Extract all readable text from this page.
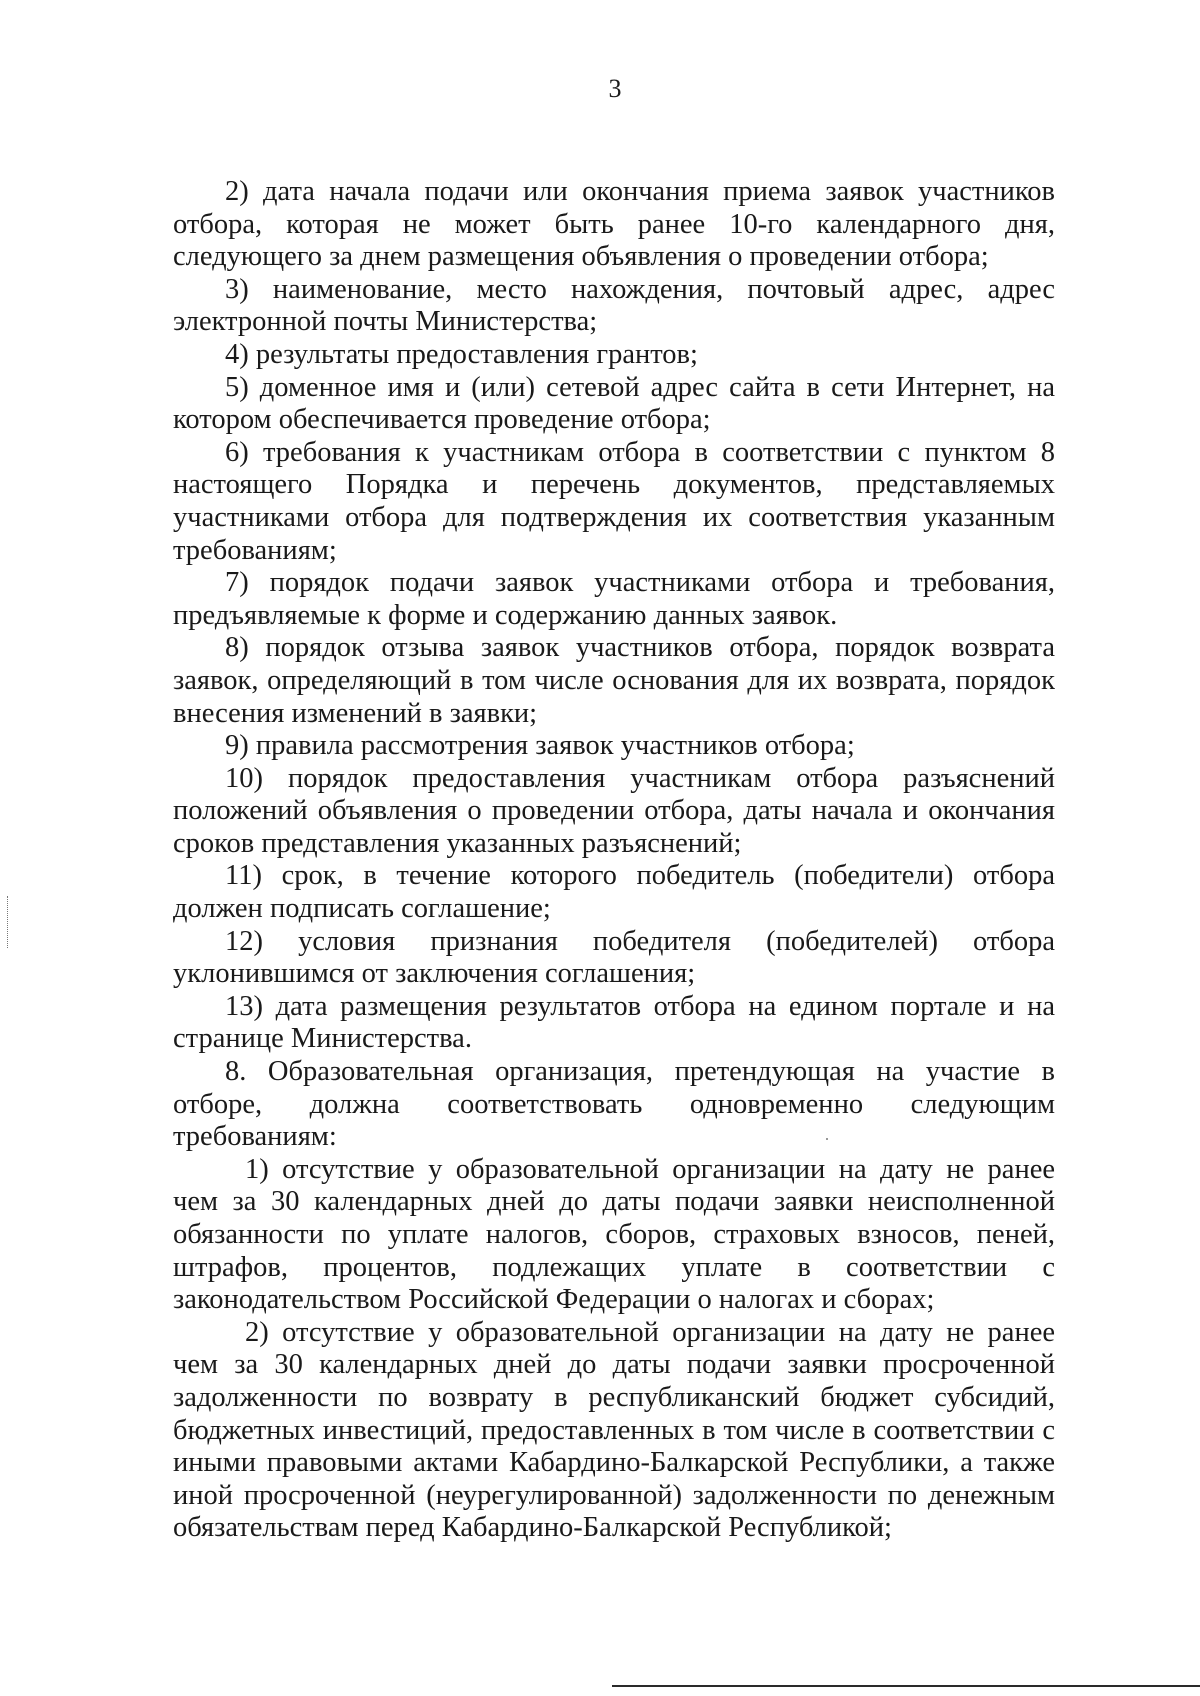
3

2) дата начала подачи или окончания приема заявок участников отбора, которая не может быть ранее 10-го календарного дня, следующего за днем размещения объявления о проведении отбора;

3) наименование, место нахождения, почтовый адрес, адрес электронной почты Министерства;

4) результаты предоставления грантов;

5) доменное имя и (или) сетевой адрес сайта в сети Интернет, на котором обеспечивается проведение отбора;

6) требования к участникам отбора в соответствии с пунктом 8 настоящего Порядка и перечень документов, представляемых участниками отбора для подтверждения их соответствия указанным требованиям;

7) порядок подачи заявок участниками отбора и требования, предъявляемые к форме и содержанию данных заявок.

8) порядок отзыва заявок участников отбора, порядок возврата заявок, определяющий в том числе основания для их возврата, порядок внесения изменений в заявки;

9) правила рассмотрения заявок участников отбора;

10) порядок предоставления участникам отбора разъяснений положений объявления о проведении отбора, даты начала и окончания сроков представления указанных разъяснений;

11) срок, в течение которого победитель (победители) отбора должен подписать соглашение;

12) условия признания победителя (победителей) отбора уклонившимся от заключения соглашения;

13) дата размещения результатов отбора на едином портале и на странице Министерства.

8. Образовательная организация, претендующая на участие в отборе, должна соответствовать одновременно следующим требованиям:

1) отсутствие у образовательной организации на дату не ранее чем за 30 календарных дней до даты подачи заявки неисполненной обязанности по уплате налогов, сборов, страховых взносов, пеней, штрафов, процентов, подлежащих уплате в соответствии с законодательством Российской Федерации о налогах и сборах;

2) отсутствие у образовательной организации на дату не ранее чем за 30 календарных дней до даты подачи заявки просроченной задолженности по возврату в республиканский бюджет субсидий, бюджетных инвестиций, предоставленных в том числе в соответствии с иными правовыми актами Кабардино-Балкарской Республики, а также иной просроченной (неурегулированной) задолженности по денежным обязательствам перед Кабардино-Балкарской Республикой;
